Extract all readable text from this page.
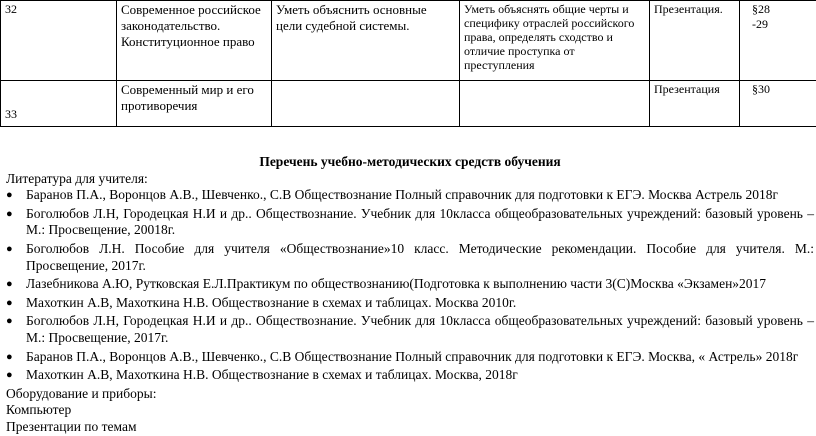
32	Современное российское законодательство. Конституционное право	Уметь объяснить основные цели судебной системы.	Уметь объяснять общие черты и специфику отраслей российского права, определять сходство и отличие проступка от преступления	Презентация.	§28
-29
33	Современный мир и его противоречия			Презентация	§30

Перечень учебно-методических средств обучения

Литература для учителя:

● Баранов П.А., Воронцов А.В., Шевченко., С.В Обществознание Полный справочник для подготовки к ЕГЭ. Москва Астрель 2018г
● Боголюбов Л.Н, Городецкая Н.И и др.. Обществознание. Учебник для 10класса общеобразовательных учреждений: базовый уровень – М.: Просвещение, 20018г.
● Боголюбов Л.Н. Пособие для учителя «Обществознание»10 класс. Методические рекомендации. Пособие для учителя. М.: Просвещение, 2017г.
● Лазебникова А.Ю, Рутковская Е.Л.Практикум по обществознанию(Подготовка к выполнению части 3(С)Москва «Экзамен»2017
● Махоткин А.В, Махоткина Н.В. Обществознание в схемах и таблицах. Москва 2010г.
● Боголюбов Л.Н, Городецкая Н.И и др.. Обществознание. Учебник для 10класса общеобразовательных учреждений: базовый уровень – М.: Просвещение, 2017г.
● Баранов П.А., Воронцов А.В., Шевченко., С.В Обществознание Полный справочник для подготовки к ЕГЭ. Москва, « Астрель» 2018г
● Махоткин А.В, Махоткина Н.В. Обществознание в схемах и таблицах. Москва, 2018г

Оборудование и приборы:

Компьютер

Презентации по темам
